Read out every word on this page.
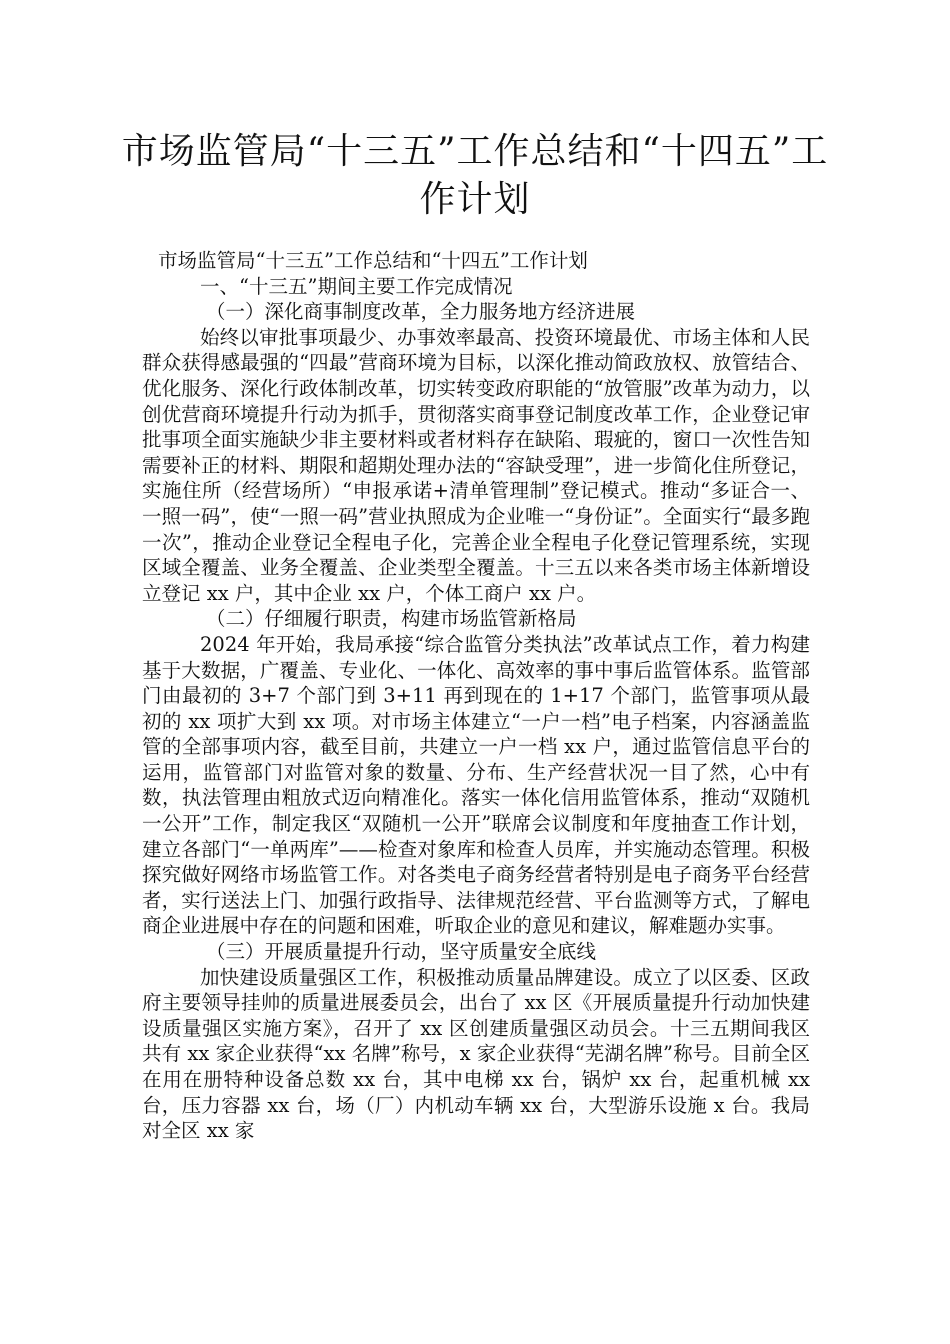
市场监管局“十三五”工作总结和“十四五”工作计划

市场监管局“十三五”工作总结和“十四五”工作计划

一、“十三五”期间主要工作完成情况

（一）深化商事制度改革，全力服务地方经济进展

始终以审批事项最少、办事效率最高、投资环境最优、市场主体和人民群众获得感最强的“四最”营商环境为目标，以深化推动简政放权、放管结合、优化服务、深化行政体制改革，切实转变政府职能的“放管服”改革为动力，以创优营商环境提升行动为抓手，贯彻落实商事登记制度改革工作，企业登记审批事项全面实施缺少非主要材料或者材料存在缺陷、瑕疵的，窗口一次性告知需要补正的材料、期限和超期处理办法的“容缺受理”，进一步简化住所登记，实施住所（经营场所）“申报承诺+清单管理制”登记模式。推动“多证合一、一照一码”，使“一照一码”营业执照成为企业唯一“身份证”。全面实行“最多跑一次”，推动企业登记全程电子化，完善企业全程电子化登记管理系统，实现区域全覆盖、业务全覆盖、企业类型全覆盖。十三五以来各类市场主体新增设立登记 xx 户，其中企业 xx 户，个体工商户 xx 户。

（二）仔细履行职责，构建市场监管新格局

2024 年开始，我局承接“综合监管分类执法”改革试点工作，着力构建基于大数据，广覆盖、专业化、一体化、高效率的事中事后监管体系。监管部门由最初的 3+7 个部门到 3+11 再到现在的 1+17 个部门，监管事项从最初的 xx 项扩大到 xx 项。对市场主体建立“一户一档”电子档案，内容涵盖监管的全部事项内容，截至目前，共建立一户一档 xx 户，通过监管信息平台的运用，监管部门对监管对象的数量、分布、生产经营状况一目了然，心中有数，执法管理由粗放式迈向精准化。落实一体化信用监管体系，推动“双随机一公开”工作，制定我区“双随机一公开”联席会议制度和年度抽查工作计划，建立各部门“一单两库”——检查对象库和检查人员库，并实施动态管理。积极探究做好网络市场监管工作。对各类电子商务经营者特别是电子商务平台经营者，实行送法上门、加强行政指导、法律规范经营、平台监测等方式，了解电商企业进展中存在的问题和困难，听取企业的意见和建议，解难题办实事。

（三）开展质量提升行动，坚守质量安全底线

加快建设质量强区工作，积极推动质量品牌建设。成立了以区委、区政府主要领导挂帅的质量进展委员会，出台了 xx 区《开展质量提升行动加快建设质量强区实施方案》，召开了 xx 区创建质量强区动员会。十三五期间我区共有 xx 家企业获得“xx 名牌”称号，x 家企业获得“芜湖名牌”称号。目前全区在用在册特种设备总数 xx 台，其中电梯 xx 台，锅炉 xx 台，起重机械 xx 台，压力容器 xx 台，场（厂）内机动车辆 xx 台，大型游乐设施 x 台。我局对全区 xx 家
